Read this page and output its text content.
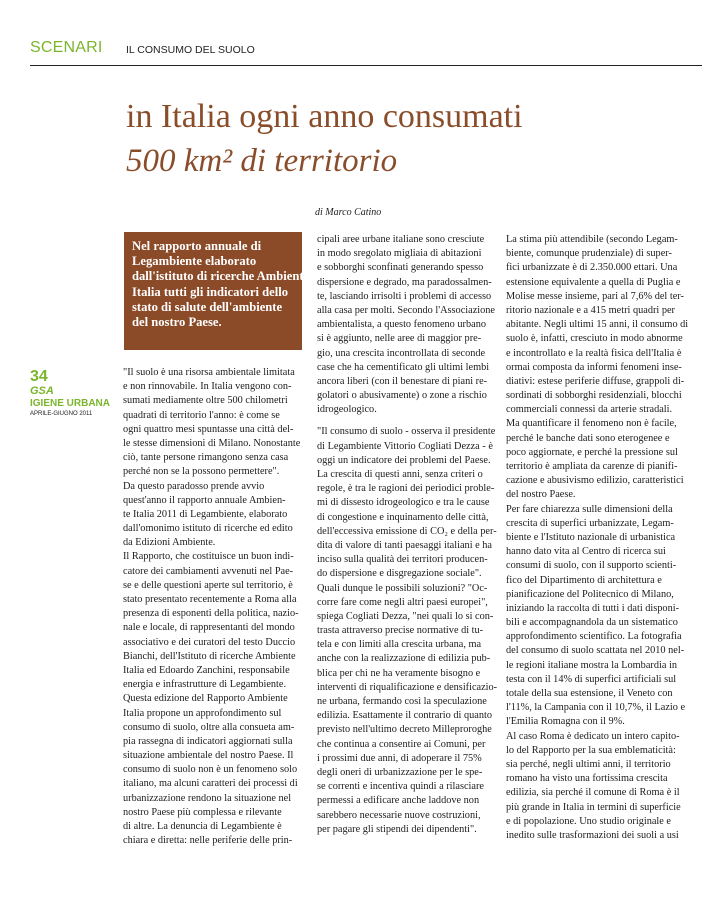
SCENARI IL CONSUMO DEL SUOLO
in Italia ogni anno consumati
500 km² di territorio
di Marco Catino
Nel rapporto annuale di
Legambiente elaborato
dall'istituto di ricerche Ambiente
Italia tutti gli indicatori dello
stato di salute dell'ambiente
del nostro Paese.
34
GSA
IGIENE URBANA
APRILE-GIUGNO 2011
"Il suolo è una risorsa ambientale limitata
e non rinnovabile. In Italia vengono con-
sumati mediamente oltre 500 chilometri
quadrati di territorio l'anno: è come se
ogni quattro mesi spuntasse una città del-
le stesse dimensioni di Milano. Nonostante
ciò, tante persone rimangono senza casa
perché non se la possono permettere".
Da questo paradosso prende avvio
quest'anno il rapporto annuale Ambien-
te Italia 2011 di Legambiente, elaborato
dall'omonimo istituto di ricerche ed edito
da Edizioni Ambiente.
Il Rapporto, che costituisce un buon indi-
catore dei cambiamenti avvenuti nel Pae-
se e delle questioni aperte sul territorio, è
stato presentato recentemente a Roma alla
presenza di esponenti della politica, nazio-
nale e locale, di rappresentanti del mondo
associativo e dei curatori del testo Duccio
Bianchi, dell'Istituto di ricerche Ambiente
Italia ed Edoardo Zanchini, responsabile
energia e infrastrutture di Legambiente.
Questa edizione del Rapporto Ambiente
Italia propone un approfondimento sul
consumo di suolo, oltre alla consueta am-
pia rassegna di indicatori aggiornati sulla
situazione ambientale del nostro Paese. Il
consumo di suolo non è un fenomeno solo
italiano, ma alcuni caratteri dei processi di
urbanizzazione rendono la situazione nel
nostro Paese più complessa e rilevante
di altre. La denuncia di Legambiente è
chiara e diretta: nelle periferie delle prin-
cipali aree urbane italiane sono cresciute
in modo sregolato migliaia di abitazioni
e sobborghi sconfinati generando spesso
dispersione e degrado, ma paradossalmen-
te, lasciando irrisolti i problemi di accesso
alla casa per molti. Secondo l'Associazione
ambientalista, a questo fenomeno urbano
si è aggiunto, nelle aree di maggior pre-
gio, una crescita incontrollata di seconde
case che ha cementificato gli ultimi lembi
ancora liberi (con il benestare di piani re-
golatori o abusivamente) o zone a rischio
idrogeologico.
"Il consumo di suolo - osserva il presidente
di Legambiente Vittorio Cogliati Dezza - è
oggi un indicatore dei problemi del Paese.
La crescita di questi anni, senza criteri o
regole, è tra le ragioni dei periodici proble-
mi di dissesto idrogeologico e tra le cause
di congestione e inquinamento delle città,
dell'eccessiva emissione di CO₂ e della per-
dita di valore di tanti paesaggi italiani e ha
inciso sulla qualità dei territori producen-
do dispersione e disgregazione sociale".
Quali dunque le possibili soluzioni? "Oc-
corre fare come negli altri paesi europei",
spiega Cogliati Dezza, "nei quali lo si con-
trasta attraverso precise normative di tu-
tela e con limiti alla crescita urbana, ma
anche con la realizzazione di edilizia pub-
blica per chi ne ha veramente bisogno e
interventi di riqualificazione e densificazio-
ne urbana, fermando così la speculazione
edilizia. Esattamente il contrario di quanto
previsto nell'ultimo decreto Milleproroghe
che continua a consentire ai Comuni, per
i prossimi due anni, di adoperare il 75%
degli oneri di urbanizzazione per le spe-
se correnti e incentiva quindi a rilasciare
permessi a edificare anche laddove non
sarebbero necessarie nuove costruzioni,
per pagare gli stipendi dei dipendenti".
La stima più attendibile (secondo Legam-
biente, comunque prudenziale) di super-
fici urbanizzate è di 2.350.000 ettari. Una
estensione equivalente a quella di Puglia e
Molise messe insieme, pari al 7,6% del ter-
ritorio nazionale e a 415 metri quadri per
abitante. Negli ultimi 15 anni, il consumo di
suolo è, infatti, cresciuto in modo abnorme
e incontrollato e la realtà fisica dell'Italia è
ormai composta da informi fenomeni inse-
diativi: estese periferie diffuse, grappoli di-
sordinati di sobborghi residenziali, blocchi
commerciali connessi da arterie stradali.
Ma quantificare il fenomeno non è facile,
perché le banche dati sono eterogenee e
poco aggiornate, e perché la pressione sul
territorio è ampliata da carenze di pianifi-
cazione e abusivismo edilizio, caratteristici
del nostro Paese.
Per fare chiarezza sulle dimensioni della
crescita di superfici urbanizzate, Legam-
biente e l'Istituto nazionale di urbanistica
hanno dato vita al Centro di ricerca sui
consumi di suolo, con il supporto scienti-
fico del Dipartimento di architettura e
pianificazione del Politecnico di Milano,
iniziando la raccolta di tutti i dati disponi-
bili e accompagnandola da un sistematico
approfondimento scientifico. La fotografia
del consumo di suolo scattata nel 2010 nel-
le regioni italiane mostra la Lombardia in
testa con il 14% di superfici artificiali sul
totale della sua estensione, il Veneto con
l'11%, la Campania con il 10,7%, il Lazio e
l'Emilia Romagna con il 9%.
Al caso Roma è dedicato un intero capito-
lo del Rapporto per la sua emblematicità:
sia perché, negli ultimi anni, il territorio
romano ha visto una fortissima crescita
edilizia, sia perché il comune di Roma è il
più grande in Italia in termini di superficie
e di popolazione. Uno studio originale e
inedito sulle trasformazioni dei suoli a usi
